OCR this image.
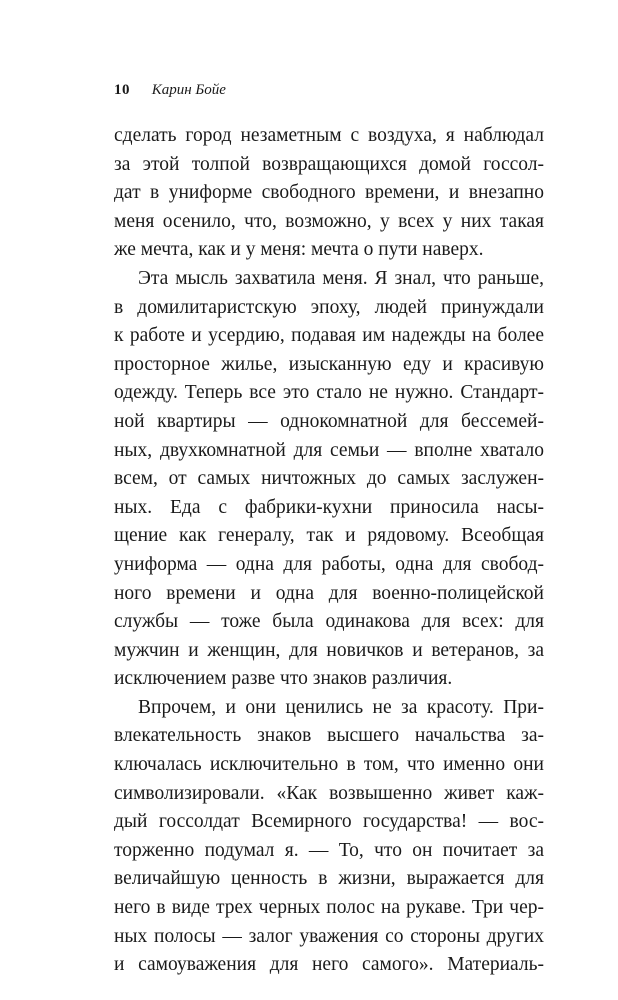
10 Карин Бойе

сделать город незаметным с воздуха, я наблюдал
за этой толпой возвращающихся домой госсол-
дат в униформе свободного времени, и внезапно
меня осенило, что, возможно, у всех у них такая
же мечта, как и у меня: мечта о пути наверх.

Эта мысль захватила меня. Я знал, что раньше,
в домилитаристскую эпоху, людей принуждали
к работе и усердию, подавая им надежды на более
просторное жилье, изысканную еду и красивую
одежду. Теперь все это стало не нужно. Стандарт-
ной квартиры — однокомнатной для бессемей-
ных, двухкомнатной для семьи — вполне хватало
всем, от самых ничтожных до самых заслужен-
ных. Еда с фабрики-кухни приносила насы-
щение как генералу, так и рядовому. Всеобщая
униформа — одна для работы, одна для свобод-
ного времени и одна для военно-полицейской
службы — тоже была одинакова для всех: для
мужчин и женщин, для новичков и ветеранов, за
исключением разве что знаков различия.

Впрочем, и они ценились не за красоту. При-
влекательность знаков высшего начальства за-
ключалась исключительно в том, что именно они
символизировали. «Как возвышенно живет каж-
дый госсолдат Всемирного государства! — вос-
торженно подумал я. — То, что он почитает за
величайшую ценность в жизни, выражается для
него в виде трех черных полос на рукаве. Три чер-
ных полосы — залог уважения со стороны других
и самоуважения для него самого». Материаль-
